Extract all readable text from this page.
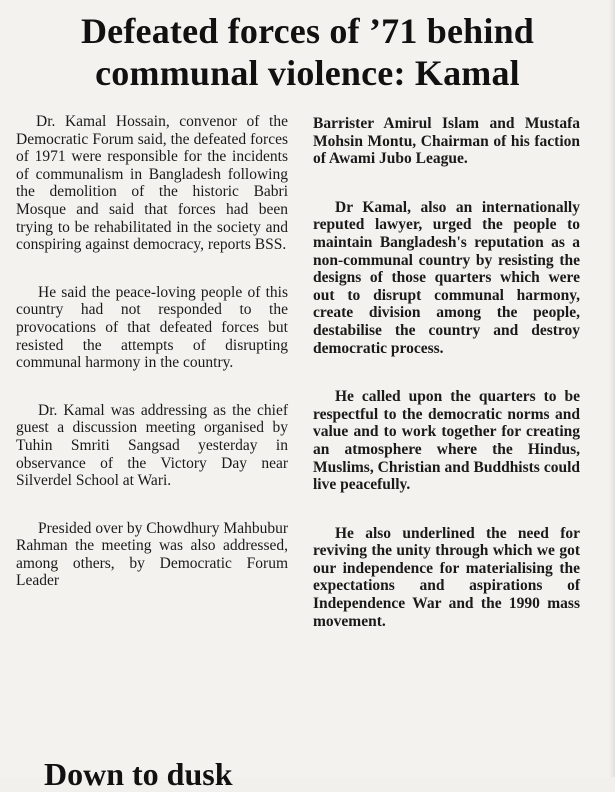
Defeated forces of ’71 behind
communal violence: Kamal

Dr. Kamal Hossain, convenor of the Democratic Forum said, the defeated forces of 1971 were responsible for the incidents of communalism in Bangladesh following the demolition of the historic Babri Mosque and said that forces had been trying to be rehabilitated in the society and conspiring against democracy, reports BSS.

He said the peace-loving people of this country had not responded to the provocations of that defeated forces but resisted the attempts of disrupting communal harmony in the country.

Dr. Kamal was addressing as the chief guest a discussion meeting organised by Tuhin Smriti Sangsad yesterday in observance of the Victory Day near Silverdel School at Wari.

Presided over by Chowdhury Mahbubur Rahman the meeting was also addressed, among others, by Democratic Forum Leader

Barrister Amirul Islam and Mustafa Mohsin Montu, Chairman of his faction of Awami Jubo League.

Dr Kamal, also an internationally reputed lawyer, urged the people to maintain Bangladesh's reputation as a non-communal country by resisting the designs of those quarters which were out to disrupt communal harmony, create division among the people, destabilise the country and destroy democratic process.

He called upon the quarters to be respectful to the democratic norms and value and to work together for creating an atmosphere where the Hindus, Muslims, Christian and Buddhists could live peacefully.

He also underlined the need for reviving the unity through which we got our independence for materialising the expectations and aspirations of Independence War and the 1990 mass movement.

Down to dusk
